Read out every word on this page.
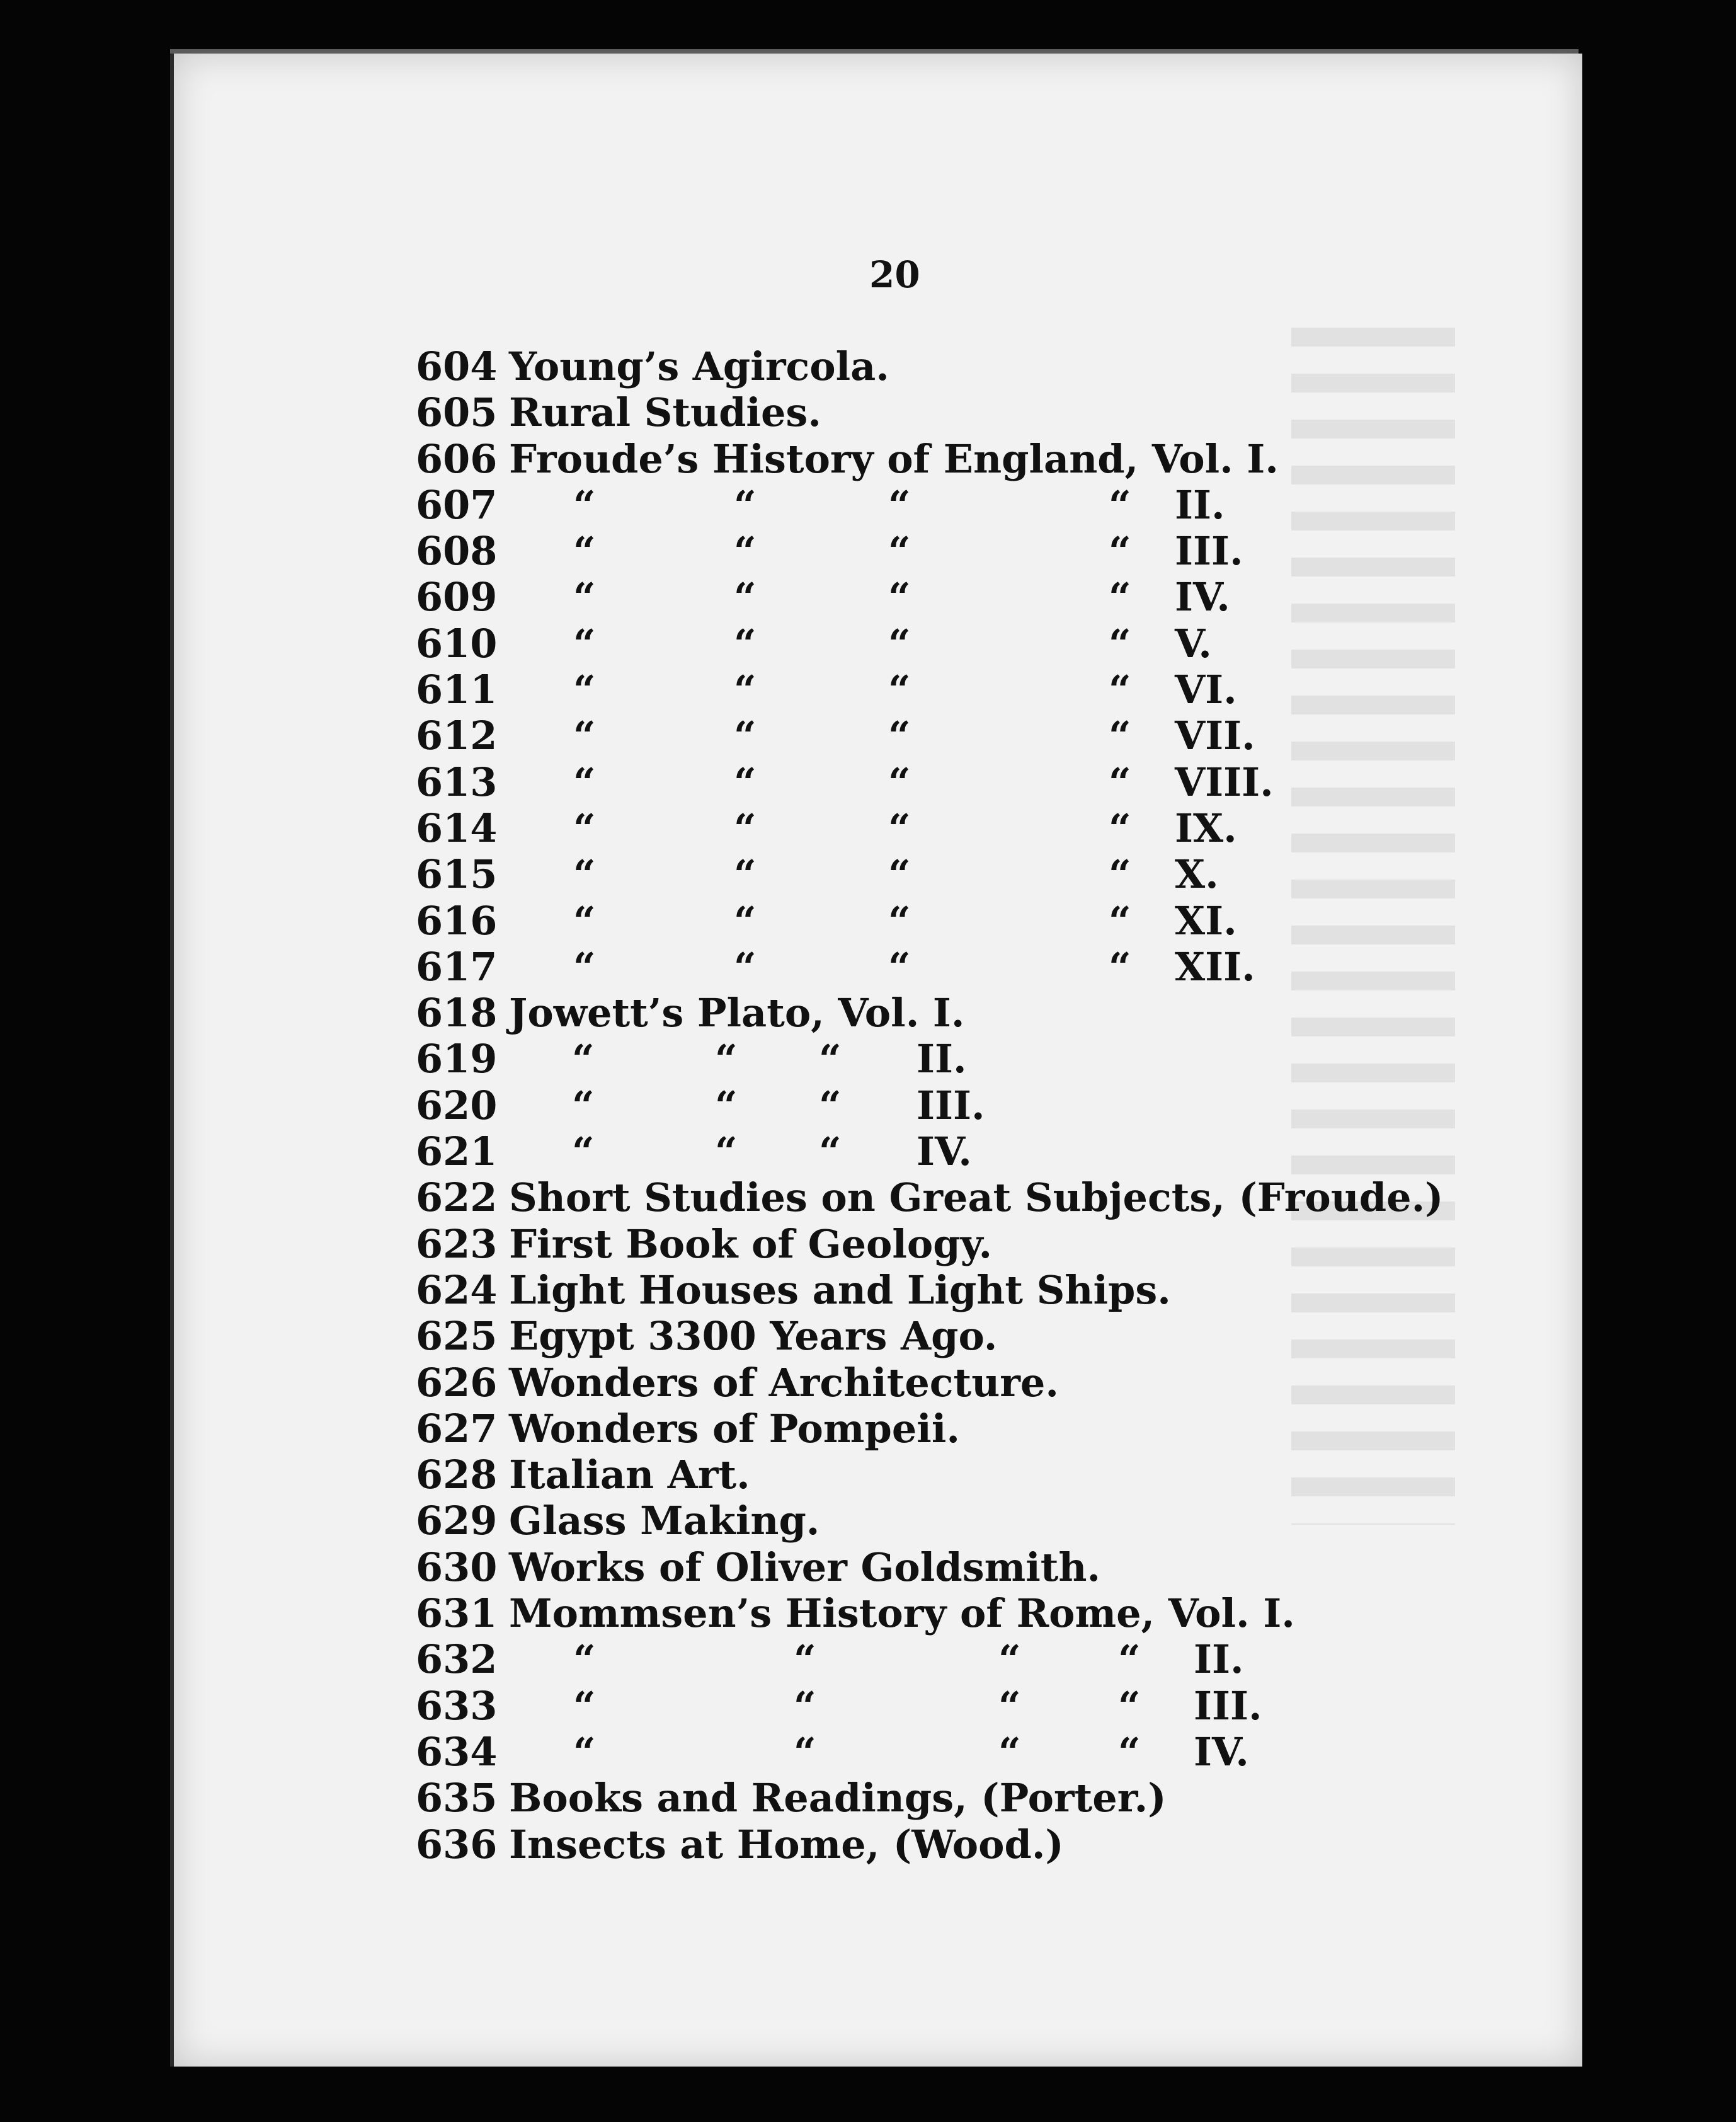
20
604 Young’s Agircola.
605 Rural Studies.
606 Froude’s History of England, Vol. I.
607 “	“	“	“ II.
608 “	“	“	“ III.
609 “	“	“	“ IV.
610 “	“	“	“ V.
611 “	“	“	“ VI.
612 “	“	“	“ VII.
613 “	“	“	“ VIII.
614 “	“	“	“ IX.
615 “	“	“	“ X.
616 “	“	“	“ XI.
617 “	“	“	“ XII.
618 Jowett’s Plato, Vol. I.
619 “	“ “ II.
620 “	“ “ III.
621 “	“ “ IV.
622 Short Studies on Great Subjects, (Froude.)
623 First Book of Geology.
624 Light Houses and Light Ships.
625 Egypt 3300 Years Ago.
626 Wonders of Architecture.
627 Wonders of Pompeii.
628 Italian Art.
629 Glass Making.
630 Works of Oliver Goldsmith.
631 Mommsen’s History of Rome, Vol. I.
632 “	“	“ “ II.
633 “	“	“ “ III.
634 “	“	“ “ IV.
635 Books and Readings, (Porter.)
636 Insects at Home, (Wood.)
